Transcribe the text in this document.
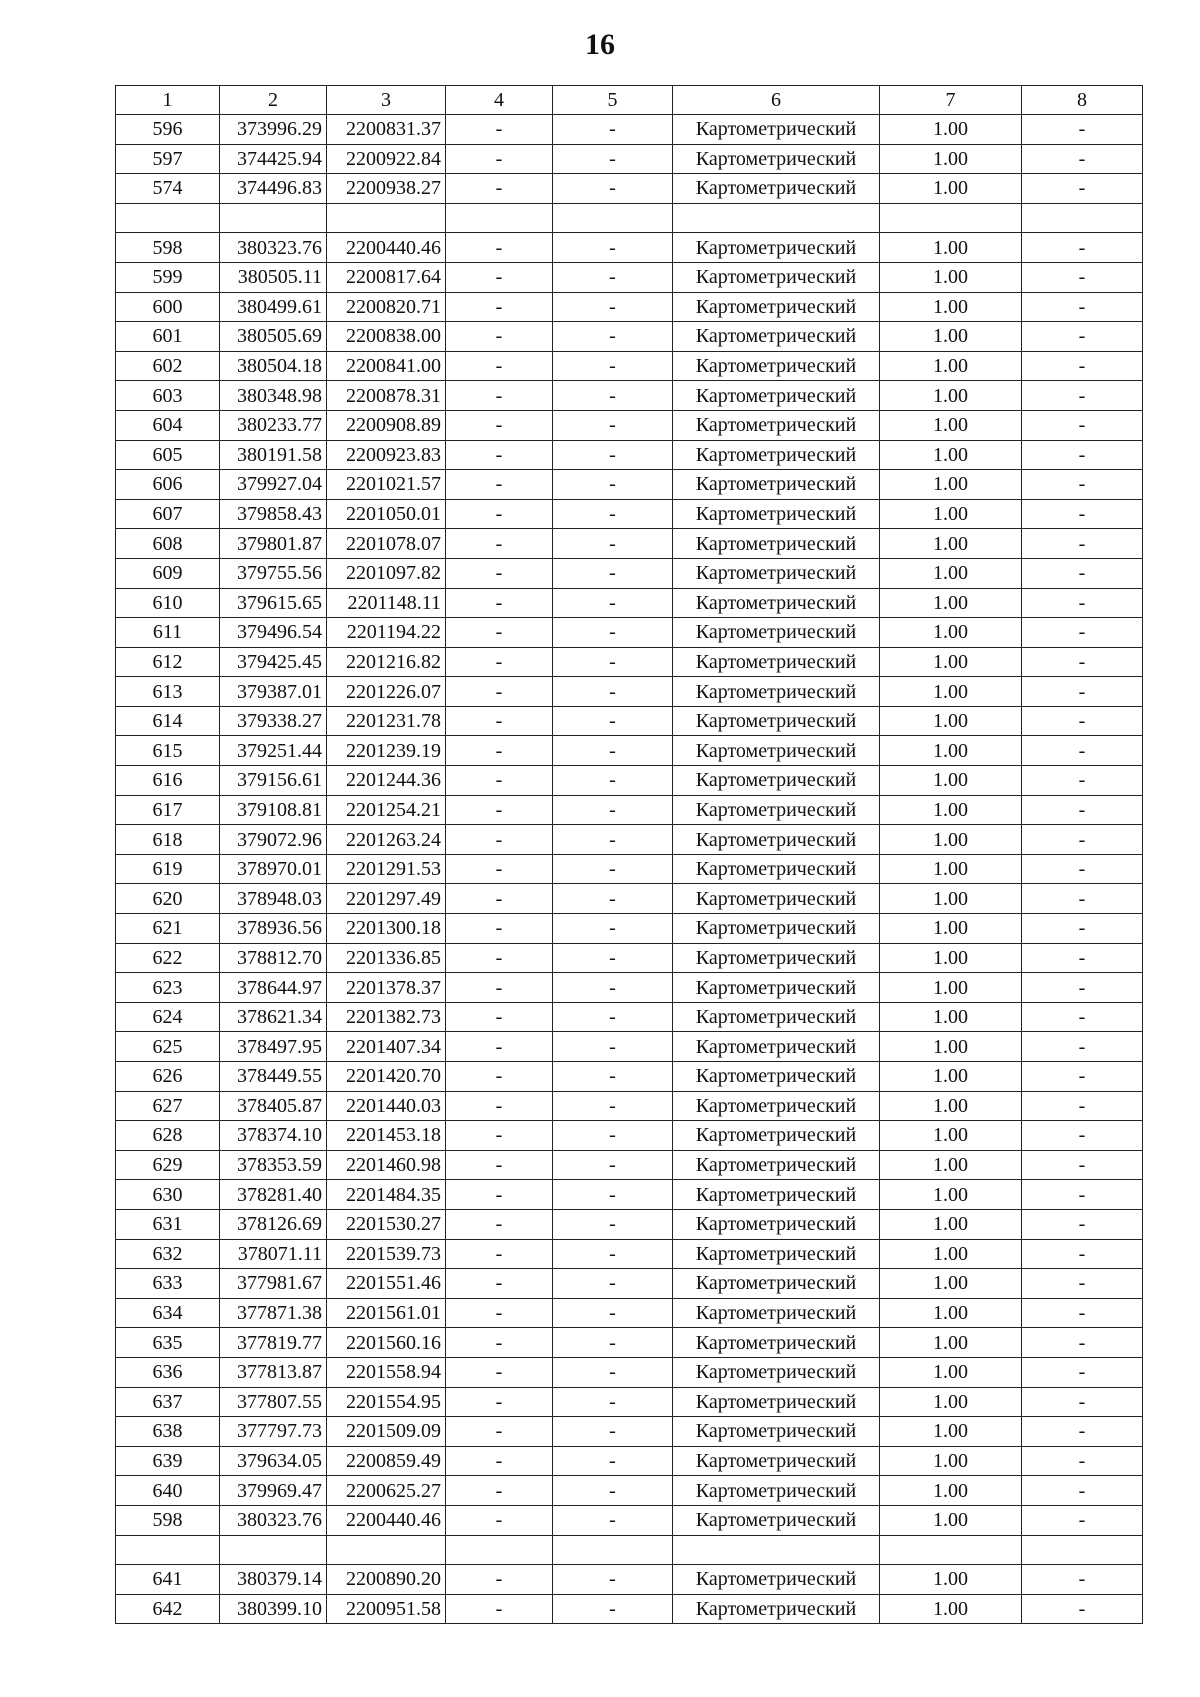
16
1	2	3	4	5	6	7	8
596	373996.29	2200831.37	-	-	Картометрический	1.00	-
597	374425.94	2200922.84	-	-	Картометрический	1.00	-
574	374496.83	2200938.27	-	-	Картометрический	1.00	-

598	380323.76	2200440.46	-	-	Картометрический	1.00	-
599	380505.11	2200817.64	-	-	Картометрический	1.00	-
600	380499.61	2200820.71	-	-	Картометрический	1.00	-
601	380505.69	2200838.00	-	-	Картометрический	1.00	-
602	380504.18	2200841.00	-	-	Картометрический	1.00	-
603	380348.98	2200878.31	-	-	Картометрический	1.00	-
604	380233.77	2200908.89	-	-	Картометрический	1.00	-
605	380191.58	2200923.83	-	-	Картометрический	1.00	-
606	379927.04	2201021.57	-	-	Картометрический	1.00	-
607	379858.43	2201050.01	-	-	Картометрический	1.00	-
608	379801.87	2201078.07	-	-	Картометрический	1.00	-
609	379755.56	2201097.82	-	-	Картометрический	1.00	-
610	379615.65	2201148.11	-	-	Картометрический	1.00	-
611	379496.54	2201194.22	-	-	Картометрический	1.00	-
612	379425.45	2201216.82	-	-	Картометрический	1.00	-
613	379387.01	2201226.07	-	-	Картометрический	1.00	-
614	379338.27	2201231.78	-	-	Картометрический	1.00	-
615	379251.44	2201239.19	-	-	Картометрический	1.00	-
616	379156.61	2201244.36	-	-	Картометрический	1.00	-
617	379108.81	2201254.21	-	-	Картометрический	1.00	-
618	379072.96	2201263.24	-	-	Картометрический	1.00	-
619	378970.01	2201291.53	-	-	Картометрический	1.00	-
620	378948.03	2201297.49	-	-	Картометрический	1.00	-
621	378936.56	2201300.18	-	-	Картометрический	1.00	-
622	378812.70	2201336.85	-	-	Картометрический	1.00	-
623	378644.97	2201378.37	-	-	Картометрический	1.00	-
624	378621.34	2201382.73	-	-	Картометрический	1.00	-
625	378497.95	2201407.34	-	-	Картометрический	1.00	-
626	378449.55	2201420.70	-	-	Картометрический	1.00	-
627	378405.87	2201440.03	-	-	Картометрический	1.00	-
628	378374.10	2201453.18	-	-	Картометрический	1.00	-
629	378353.59	2201460.98	-	-	Картометрический	1.00	-
630	378281.40	2201484.35	-	-	Картометрический	1.00	-
631	378126.69	2201530.27	-	-	Картометрический	1.00	-
632	378071.11	2201539.73	-	-	Картометрический	1.00	-
633	377981.67	2201551.46	-	-	Картометрический	1.00	-
634	377871.38	2201561.01	-	-	Картометрический	1.00	-
635	377819.77	2201560.16	-	-	Картометрический	1.00	-
636	377813.87	2201558.94	-	-	Картометрический	1.00	-
637	377807.55	2201554.95	-	-	Картометрический	1.00	-
638	377797.73	2201509.09	-	-	Картометрический	1.00	-
639	379634.05	2200859.49	-	-	Картометрический	1.00	-
640	379969.47	2200625.27	-	-	Картометрический	1.00	-
598	380323.76	2200440.46	-	-	Картометрический	1.00	-

641	380379.14	2200890.20	-	-	Картометрический	1.00	-
642	380399.10	2200951.58	-	-	Картометрический	1.00	-
